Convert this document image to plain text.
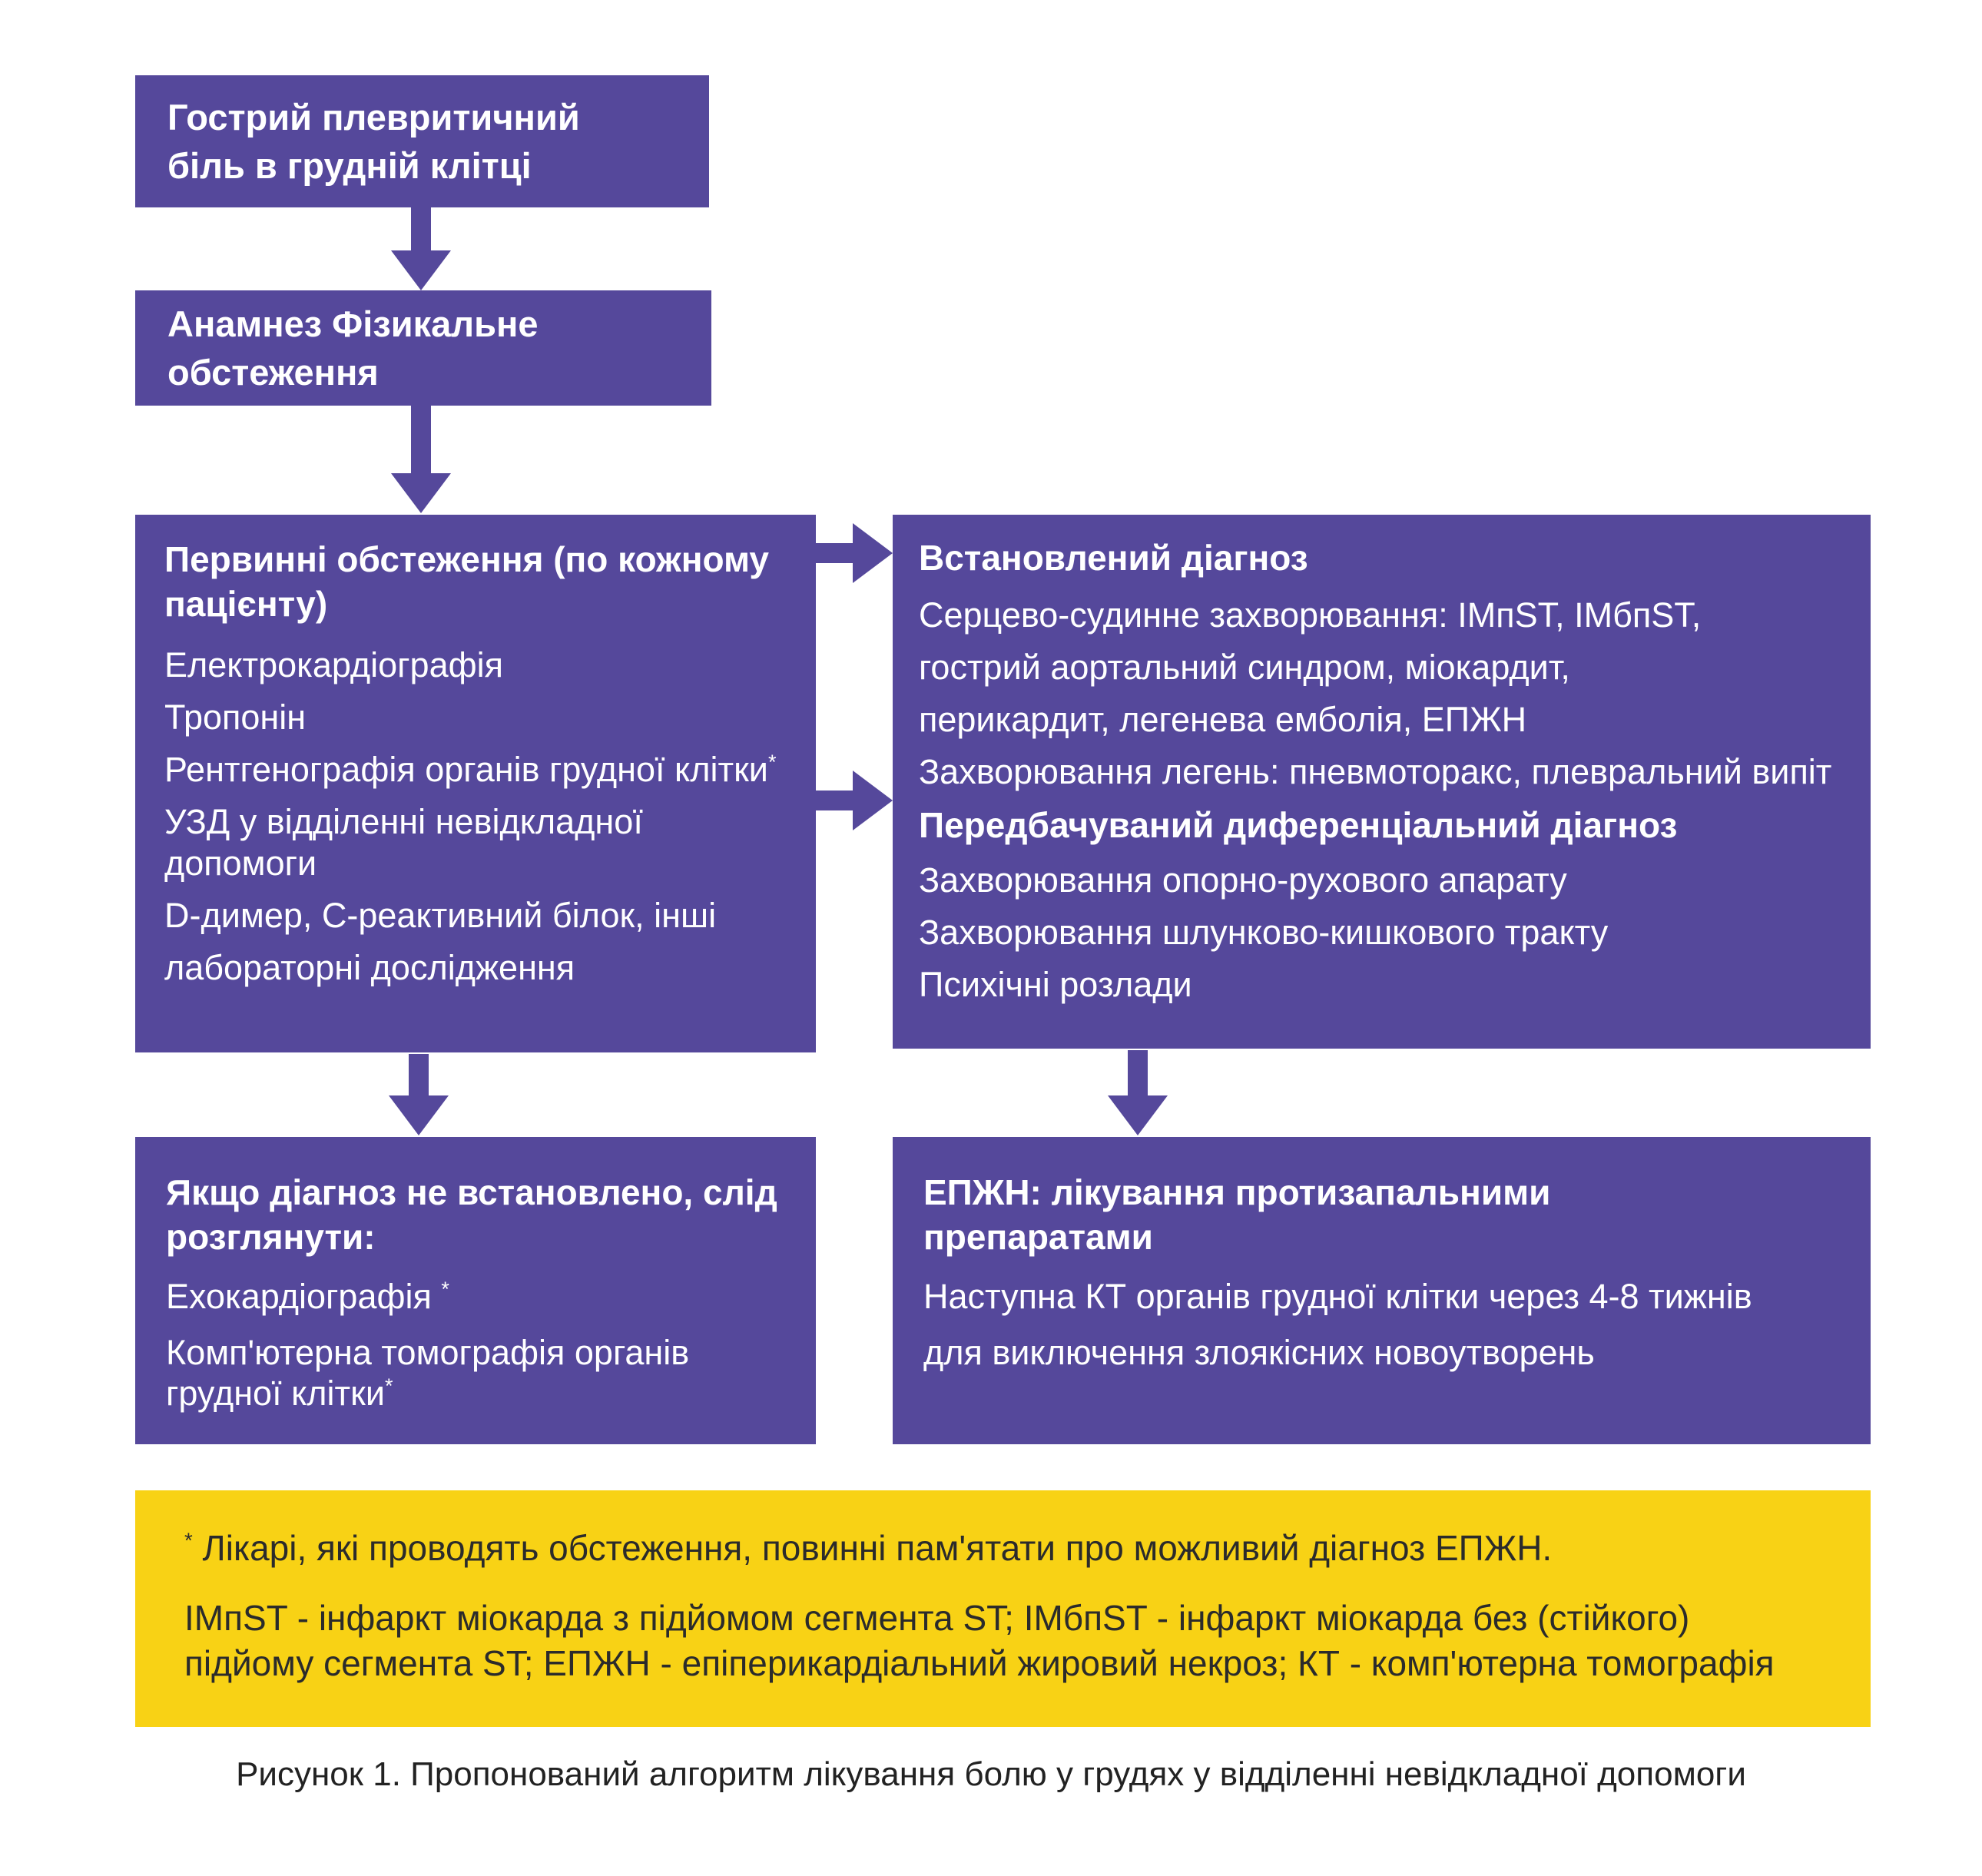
Гострий плевритичний
біль в грудній клітці
Анамнез Фізикальне
обстеження
Первинні обстеження (по кожному
пацієнту)
Електрокардіографія
Тропонін
Рентгенографія органів грудної клітки*
УЗД у відділенні невідкладної допомоги
D-димер, С-реактивний білок, інші
лабораторні дослідження
Встановлений діагноз
Серцево-судинне захворювання: ІМпST, ІМбпST,
гострий аортальний синдром, міокардит,
перикардит, легенева емболія, ЕПЖН
Захворювання легень: пневмоторакс, плевральний випіт
Передбачуваний диференціальний діагноз
Захворювання опорно-рухового апарату
Захворювання шлунково-кишкового тракту
Психічні розлади
Якщо діагноз не встановлено, слід
розглянути:
Ехокардіографія *
Комп'ютерна томографія органів грудної клітки*
ЕПЖН: лікування протизапальними
препаратами
Наступна КТ органів грудної клітки через 4-8 тижнів
для виключення злоякісних новоутворень
* Лікарі, які проводять обстеження, повинні пам'ятати про можливий діагноз ЕПЖН.
ІМпST - інфаркт міокарда з підйомом сегмента ST; ІМбпST - інфаркт міокарда без (стійкого) підйому сегмента ST; ЕПЖН - епіперикардіальний жировий некроз; КТ - комп'ютерна томографія
Рисунок 1. Пропонований алгоритм лікування болю у грудях у відділенні невідкладної допомоги
